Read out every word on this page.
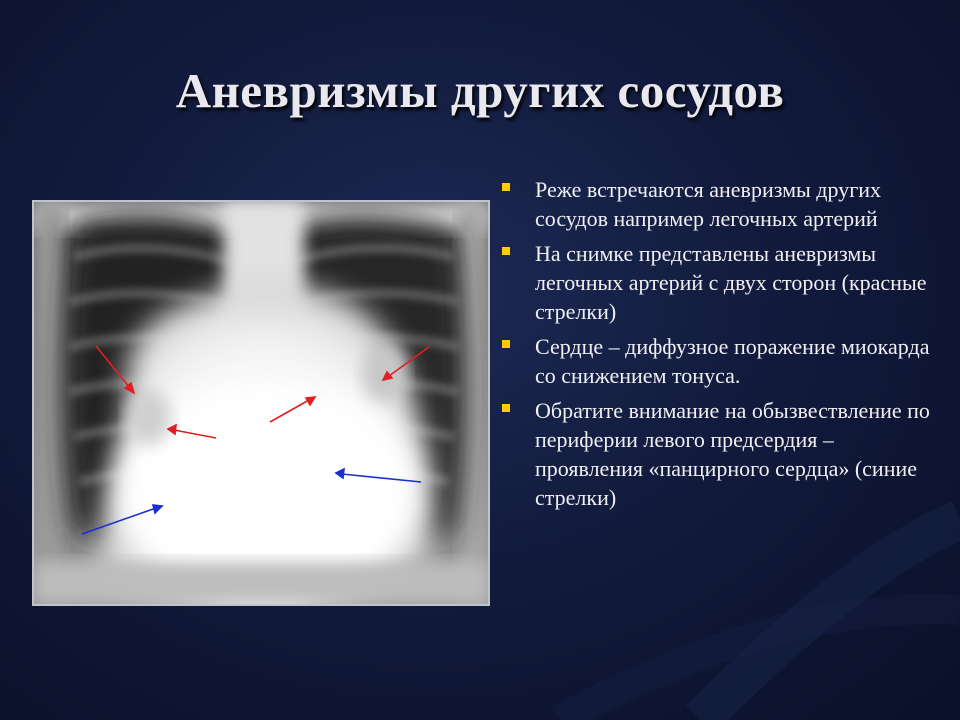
Аневризмы других сосудов
Реже встречаются аневризмы других сосудов например легочных артерий
На снимке представлены аневризмы легочных артерий с двух сторон (красные стрелки)
Сердце – диффузное поражение миокарда со снижением тонуса.
Обратите внимание на обызвествление по периферии левого предсердия – проявления «панцирного сердца» (синие стрелки)
